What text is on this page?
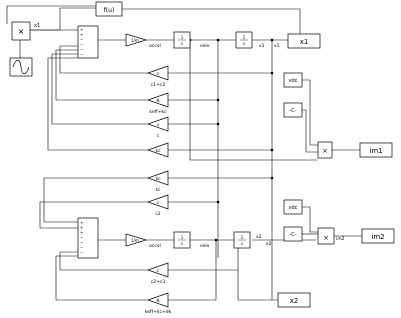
×
x1
f(u)
+
+
−
−
−
−
1/m
accel
1
s
velo
1
s
x1 x1
x1
c
c1+c2
-K-
keff+kc
c
c
kc
vdc
-C-
×	im1
kc
kc
c
c2
vdc
-C-
+
+
+
−
−
−
−
1/m
accel
1
s
velo
1
s
x2
x2
× im2	im2
c
c2+c3
-K-
keff+kc+dk
x2
